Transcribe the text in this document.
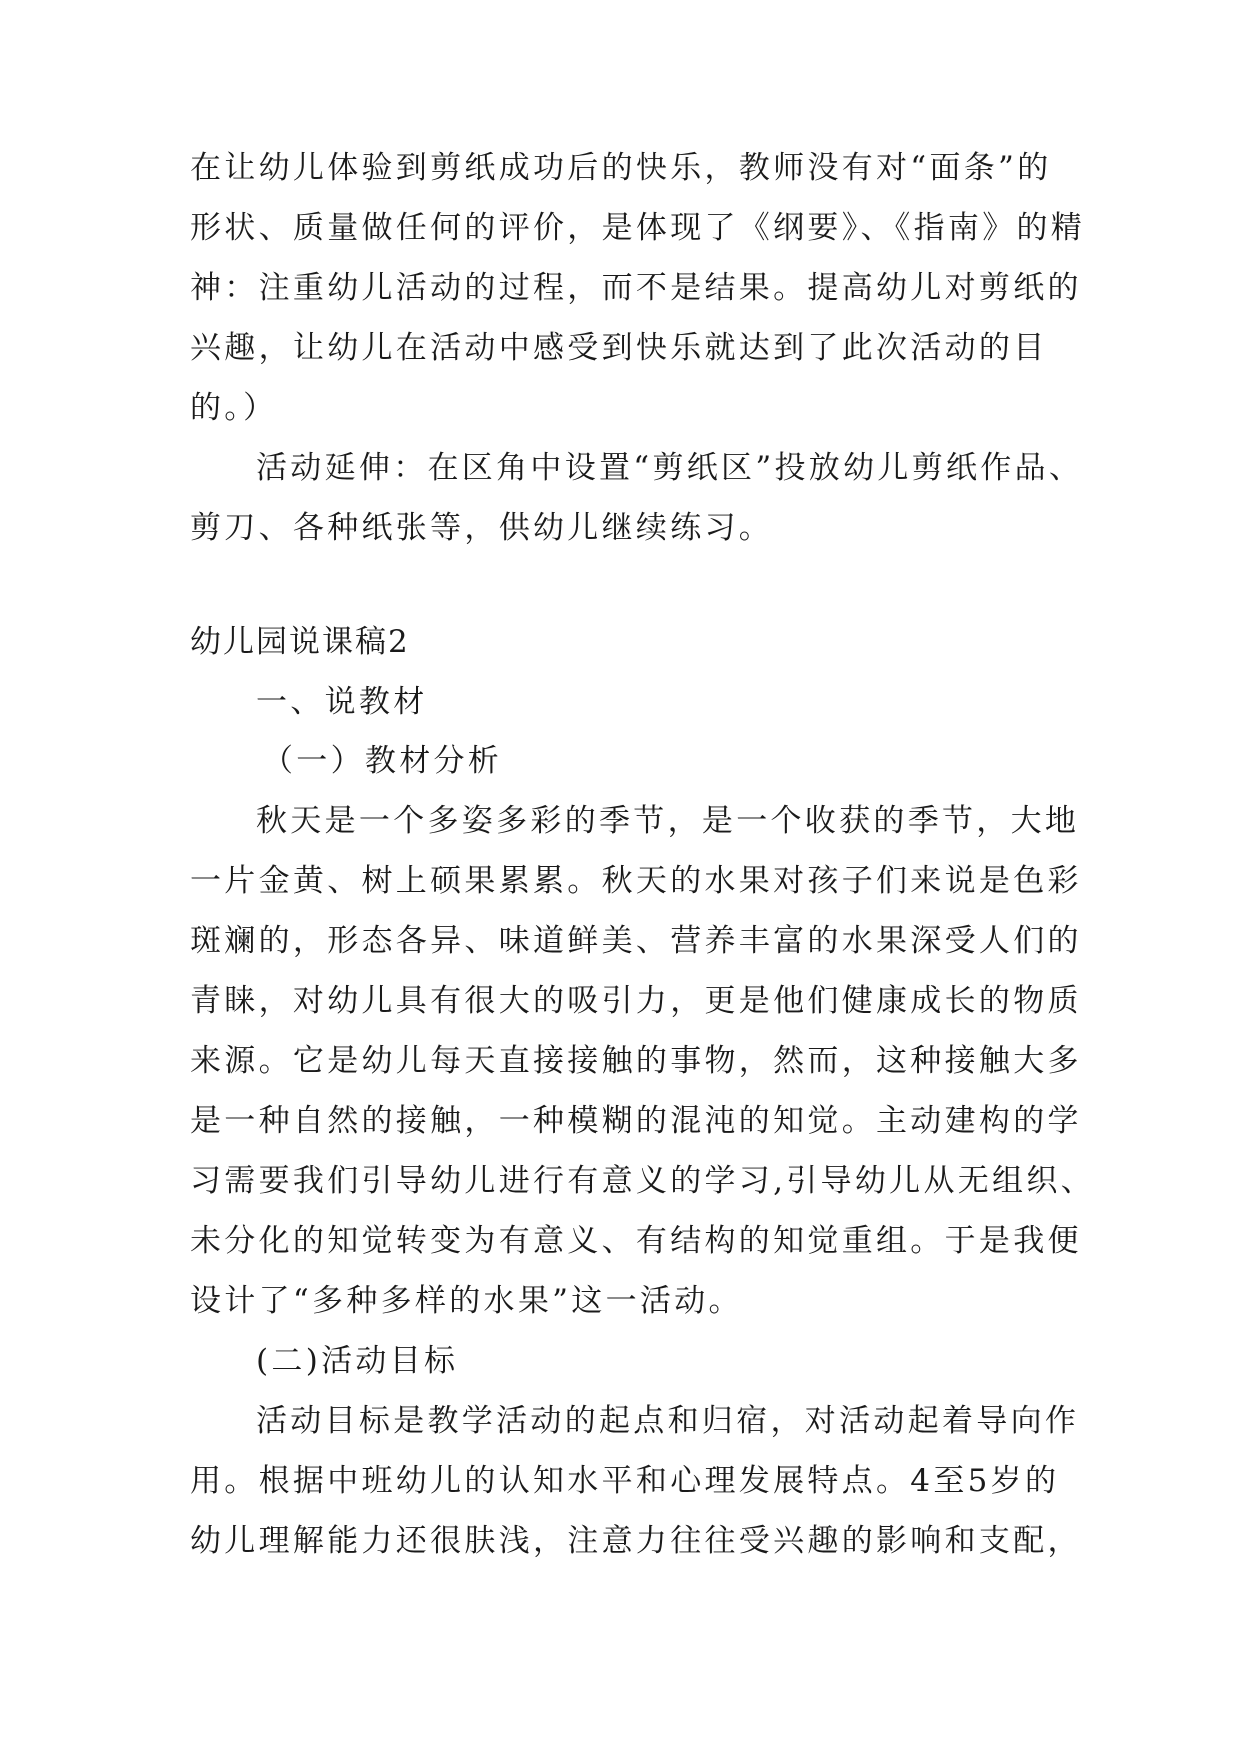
在让幼儿体验到剪纸成功后的快乐，教师没有对“面条”的
形状、质量做任何的评价，是体现了《纲要》、《指南》的精
神：注重幼儿活动的过程，而不是结果。提高幼儿对剪纸的
兴趣，让幼儿在活动中感受到快乐就达到了此次活动的目
的。）
活动延伸：在区角中设置“剪纸区”投放幼儿剪纸作品、
剪刀、各种纸张等，供幼儿继续练习。
幼儿园说课稿2
一、说教材
（一）教材分析
秋天是一个多姿多彩的季节，是一个收获的季节，大地
一片金黄、树上硕果累累。秋天的水果对孩子们来说是色彩
斑斓的，形态各异、味道鲜美、营养丰富的水果深受人们的
青睐，对幼儿具有很大的吸引力，更是他们健康成长的物质
来源。它是幼儿每天直接接触的事物，然而，这种接触大多
是一种自然的接触，一种模糊的混沌的知觉。主动建构的学
习需要我们引导幼儿进行有意义的学习,引导幼儿从无组织、
未分化的知觉转变为有意义、有结构的知觉重组。于是我便
设计了“多种多样的水果”这一活动。
(二)活动目标
活动目标是教学活动的起点和归宿，对活动起着导向作
用。根据中班幼儿的认知水平和心理发展特点。4至5岁的
幼儿理解能力还很肤浅，注意力往往受兴趣的影响和支配，
